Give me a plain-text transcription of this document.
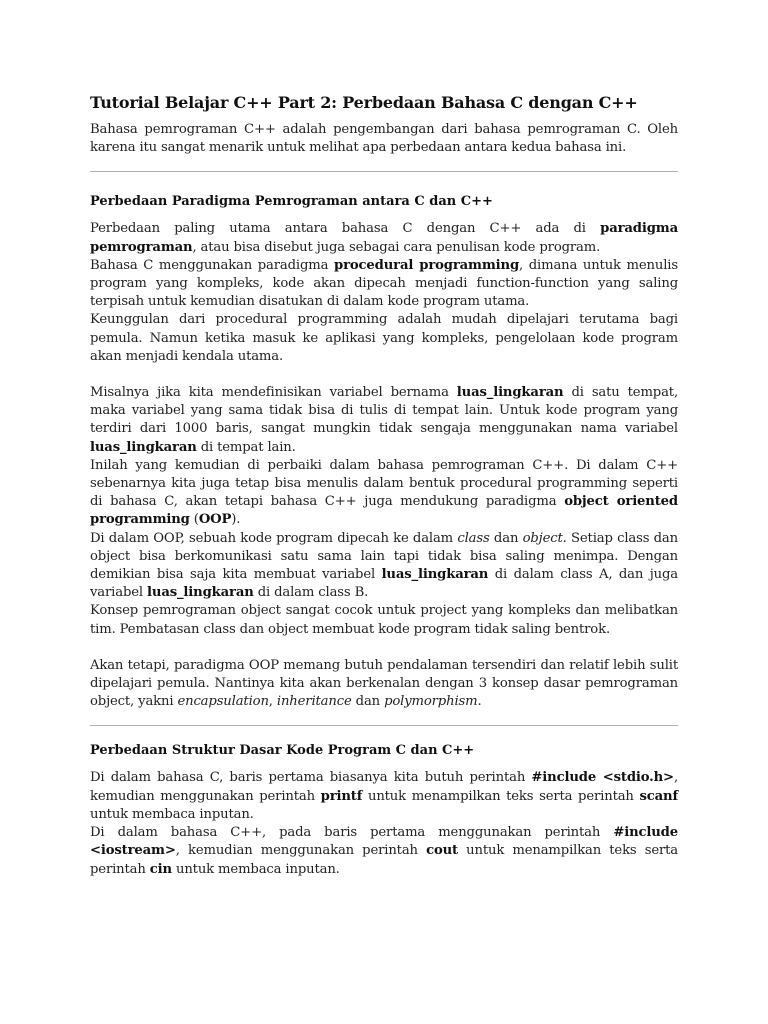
Tutorial Belajar C++ Part 2: Perbedaan Bahasa C dengan C++

Bahasa pemrograman C++ adalah pengembangan dari bahasa pemrograman C. Oleh karena itu sangat menarik untuk melihat apa perbedaan antara kedua bahasa ini.

Perbedaan Paradigma Pemrograman antara C dan C++

Perbedaan paling utama antara bahasa C dengan C++ ada di paradigma pemrograman, atau bisa disebut juga sebagai cara penulisan kode program.

Bahasa C menggunakan paradigma procedural programming, dimana untuk menulis program yang kompleks, kode akan dipecah menjadi function-function yang saling terpisah untuk kemudian disatukan di dalam kode program utama.

Keunggulan dari procedural programming adalah mudah dipelajari terutama bagi pemula. Namun ketika masuk ke aplikasi yang kompleks, pengelolaan kode program akan menjadi kendala utama.

Misalnya jika kita mendefinisikan variabel bernama luas_lingkaran di satu tempat, maka variabel yang sama tidak bisa di tulis di tempat lain. Untuk kode program yang terdiri dari 1000 baris, sangat mungkin tidak sengaja menggunakan nama variabel luas_lingkaran di tempat lain.

Inilah yang kemudian di perbaiki dalam bahasa pemrograman C++. Di dalam C++ sebenarnya kita juga tetap bisa menulis dalam bentuk procedural programming seperti di bahasa C, akan tetapi bahasa C++ juga mendukung paradigma object oriented programming (OOP).

Di dalam OOP, sebuah kode program dipecah ke dalam class dan object. Setiap class dan object bisa berkomunikasi satu sama lain tapi tidak bisa saling menimpa. Dengan demikian bisa saja kita membuat variabel luas_lingkaran di dalam class A, dan juga variabel luas_lingkaran di dalam class B.

Konsep pemrograman object sangat cocok untuk project yang kompleks dan melibatkan tim. Pembatasan class dan object membuat kode program tidak saling bentrok.

Akan tetapi, paradigma OOP memang butuh pendalaman tersendiri dan relatif lebih sulit dipelajari pemula. Nantinya kita akan berkenalan dengan 3 konsep dasar pemrograman object, yakni encapsulation, inheritance dan polymorphism.

Perbedaan Struktur Dasar Kode Program C dan C++

Di dalam bahasa C, baris pertama biasanya kita butuh perintah #include <stdio.h>, kemudian menggunakan perintah printf untuk menampilkan teks serta perintah scanf untuk membaca inputan.

Di dalam bahasa C++, pada baris pertama menggunakan perintah #include <iostream>, kemudian menggunakan perintah cout untuk menampilkan teks serta perintah cin untuk membaca inputan.
